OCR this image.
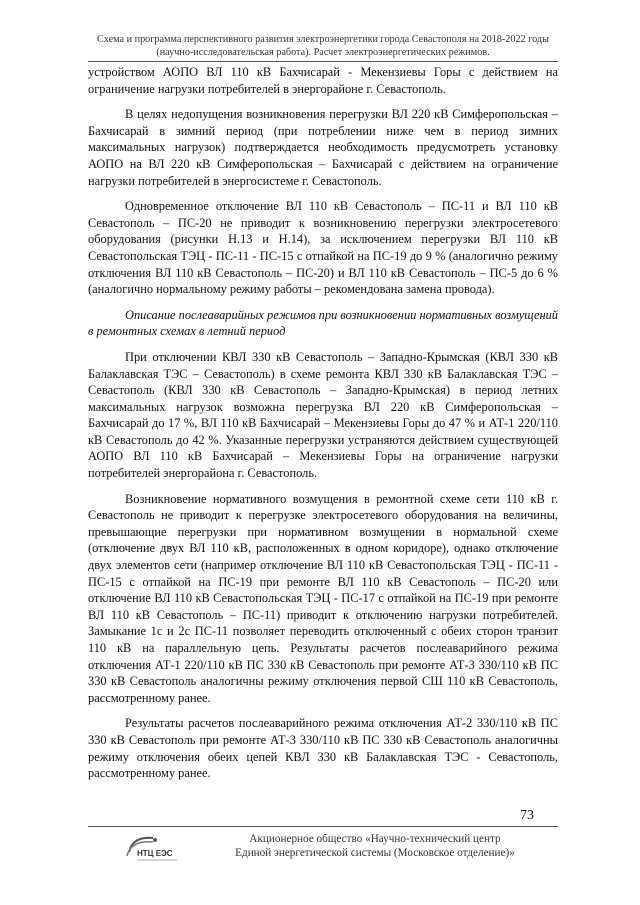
Схема и программа перспективного развития электроэнергетики города Севастополя на 2018-2022 годы
(научно-исследовательская работа). Расчет электроэнергетических режимов.

устройством АОПО ВЛ 110 кВ Бахчисарай - Мекензиевы Горы с действием на ограничение нагрузки потребителей в энергорайоне г. Севастополь.

В целях недопущения возникновения перегрузки ВЛ 220 кВ Симферопольская – Бахчисарай в зимний период (при потреблении ниже чем в период зимних максимальных нагрузок) подтверждается необходимость предусмотреть установку АОПО на ВЛ 220 кВ Симферопольская – Бахчисарай с действием на ограничение нагрузки потребителей в энергосистеме г. Севастополь.

Одновременное отключение ВЛ 110 кВ Севастополь – ПС-11 и ВЛ 110 кВ Севастополь – ПС-20 не приводит к возникновению перегрузки электросетевого оборудования (рисунки Н.13 и Н.14), за исключением перегрузки ВЛ 110 кВ Севастопольская ТЭЦ - ПС-11 - ПС-15 с отпайкой на ПС-19 до 9 % (аналогично режиму отключения ВЛ 110 кВ Севастополь – ПС-20) и ВЛ 110 кВ Севастополь – ПС-5 до 6 % (аналогично нормальному режиму работы – рекомендована замена провода).

Описание послеаварийных режимов при возникновении нормативных возмущений в ремонтных схемах в летний период

При отключении КВЛ 330 кВ Севастополь – Западно-Крымская (КВЛ 330 кВ Балаклавская ТЭС – Севастополь) в схеме ремонта КВЛ 330 кВ Балаклавская ТЭС – Севастополь (КВЛ 330 кВ Севастополь – Западно-Крымская) в период летних максимальных нагрузок возможна перегрузка ВЛ 220 кВ Симферопольская – Бахчисарай до 17 %, ВЛ 110 кВ Бахчисарай – Мекензиевы Горы до 47 % и АТ-1 220/110 кВ Севастополь до 42 %. Указанные перегрузки устраняются действием существующей АОПО ВЛ 110 кВ Бахчисарай – Мекензиевы Горы на ограничение нагрузки потребителей энергорайона г. Севастополь.

Возникновение нормативного возмущения в ремонтной схеме сети 110 кВ г. Севастополь не приводит к перегрузке электросетевого оборудования на величины, превышающие перегрузки при нормативном возмущении в нормальной схеме (отключение двух ВЛ 110 кВ, расположенных в одном коридоре), однако отключение двух элементов сети (например отключение ВЛ 110 кВ Севастопольская ТЭЦ - ПС-11 - ПС-15 с отпайкой на ПС-19 при ремонте ВЛ 110 кВ Севастополь – ПС-20 или отключение ВЛ 110 кВ Севастопольская ТЭЦ - ПС-17 с отпайкой на ПС-19 при ремонте ВЛ 110 кВ Севастополь – ПС-11) приводит к отключению нагрузки потребителей. Замыкание 1с и 2с ПС-11 позволяет переводить отключенный с обеих сторон транзит 110 кВ на параллельную цепь. Результаты расчетов послеаварийного режима отключения АТ-1 220/110 кВ ПС 330 кВ Севастополь при ремонте АТ-3 330/110 кВ ПС 330 кВ Севастополь аналогичны режиму отключения первой СШ 110 кВ Севастополь, рассмотренному ранее.

Результаты расчетов послеаварийного режима отключения АТ-2 330/110 кВ ПС 330 кВ Севастополь при ремонте АТ-3 330/110 кВ ПС 330 кВ Севастополь аналогичны режиму отключения обеих цепей КВЛ 330 кВ Балаклавская ТЭС - Севастополь, рассмотренному ранее.

73
НТЦ ЕЭС
Акционерное общество «Научно-технический центр
Единой энергетической системы (Московское отделение)»
